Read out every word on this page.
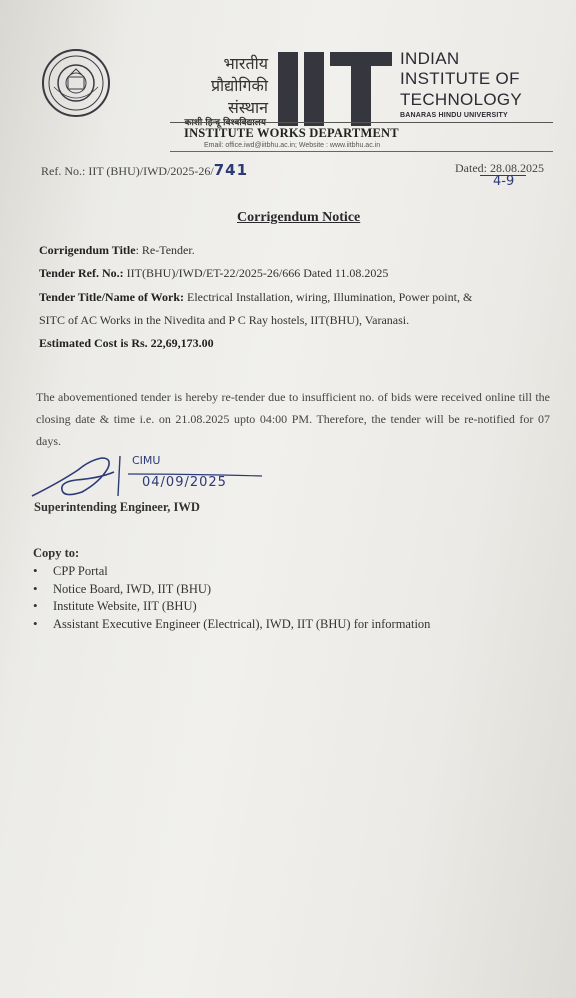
भारतीय
प्रौद्योगिकी
संस्थान
काशी हिन्दू विश्वविद्यालय
INDIAN
INSTITUTE OF
TECHNOLOGY
BANARAS HINDU UNIVERSITY
INSTITUTE WORKS DEPARTMENT
Email: office.iwd@iitbhu.ac.in; Website : www.iitbhu.ac.in
Ref. No.: IIT (BHU)/IWD/2025-26/741	Dated: 28.08.2025
4-9
Corrigendum Notice
Corrigendum Title: Re-Tender.
Tender Ref. No.: IIT(BHU)/IWD/ET-22/2025-26/666 Dated 11.08.2025
Tender Title/Name of Work: Electrical Installation, wiring, Illumination, Power point, &
SITC of AC Works in the Nivedita and P C Ray hostels, IIT(BHU), Varanasi.
Estimated Cost is Rs. 22,69,173.00
The abovementioned tender is hereby re-tender due to insufficient no. of bids were received online till the closing date & time i.e. on 21.08.2025 upto 04:00 PM. Therefore, the tender will be re-notified for 07 days.
CIMU
04/09/2025
Superintending Engineer, IWD
Copy to:
• CPP Portal
• Notice Board, IWD, IIT (BHU)
• Institute Website, IIT (BHU)
• Assistant Executive Engineer (Electrical), IWD, IIT (BHU) for information
